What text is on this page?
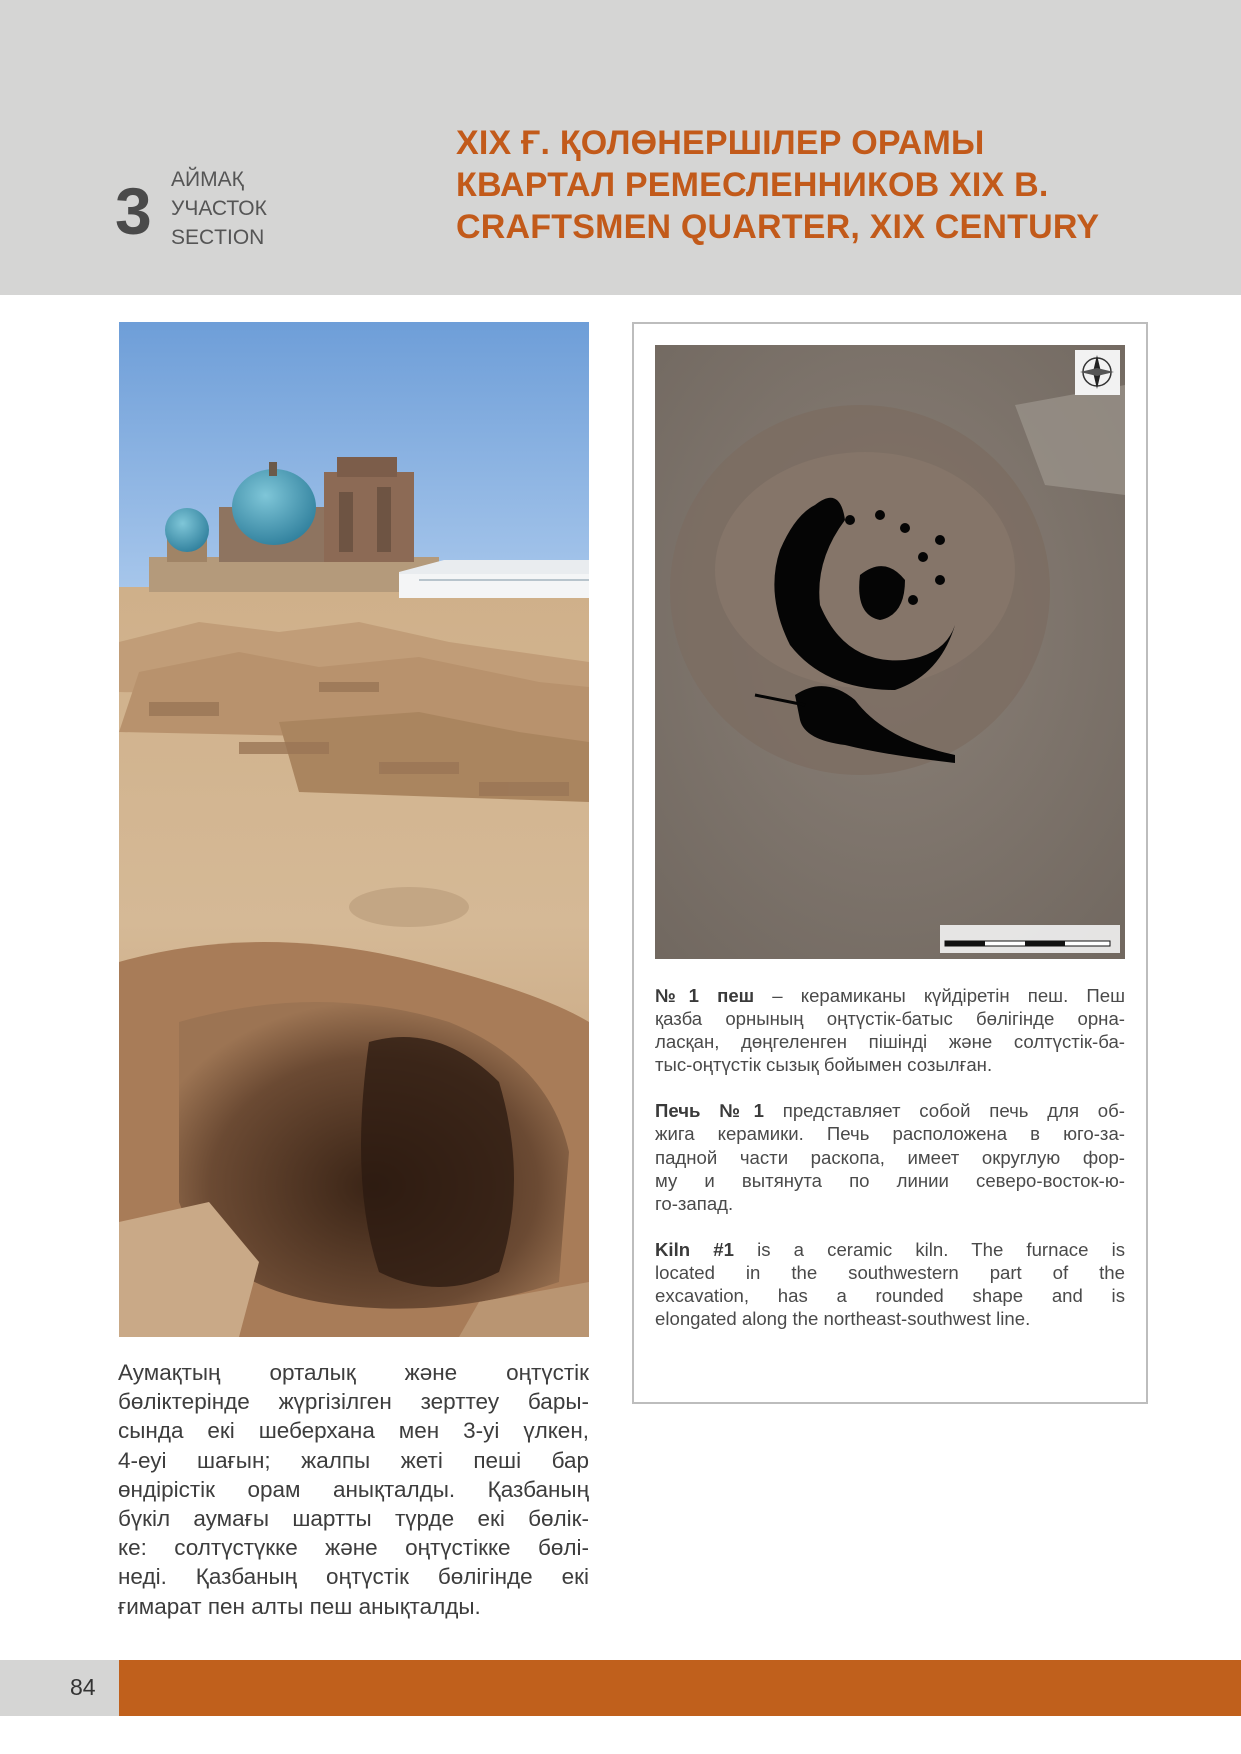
3 АЙМАҚ
УЧАСТОК
SECTION
XIX Ғ. ҚОЛӨНЕРШІЛЕР ОРАМЫ
КВАРТАЛ РЕМЕСЛЕННИКОВ XIX В.
CRAFTSMEN QUARTER, XIX CENTURY
Аумақтың орталық және оңтүстік
бөліктерінде жүргізілген зерттеу бары-
сында екі шеберхана мен 3-уі үлкен,
4-еуі шағын; жалпы жеті пеші бар
өндірістік орам анықталды. Қазбаның
бүкіл аумағы шартты түрде екі бөлік-
ке: солтүстүкке және оңтүстікке бөлі-
неді. Қазбаның оңтүстік бөлігінде екі
ғимарат пен алты пеш анықталды.

№1 пеш – керамиканы күйдіретін пеш. Пеш
қазба орнының оңтүстік-батыс бөлігінде орна-
ласқан, дөңгеленген пішінді және солтүстік-ба-
тыс-оңтүстік сызық бойымен созылған.

Печь №1 представляет собой печь для об-
жига керамики. Печь расположена в юго-за-
падной части раскопа, имеет округлую фор-
му и вытянута по линии северо-восток-ю-
го-запад.

Kiln #1 is a ceramic kiln. The furnace is
located in the southwestern part of the
excavation, has a rounded shape and is
elongated along the northeast-southwest line.

84
